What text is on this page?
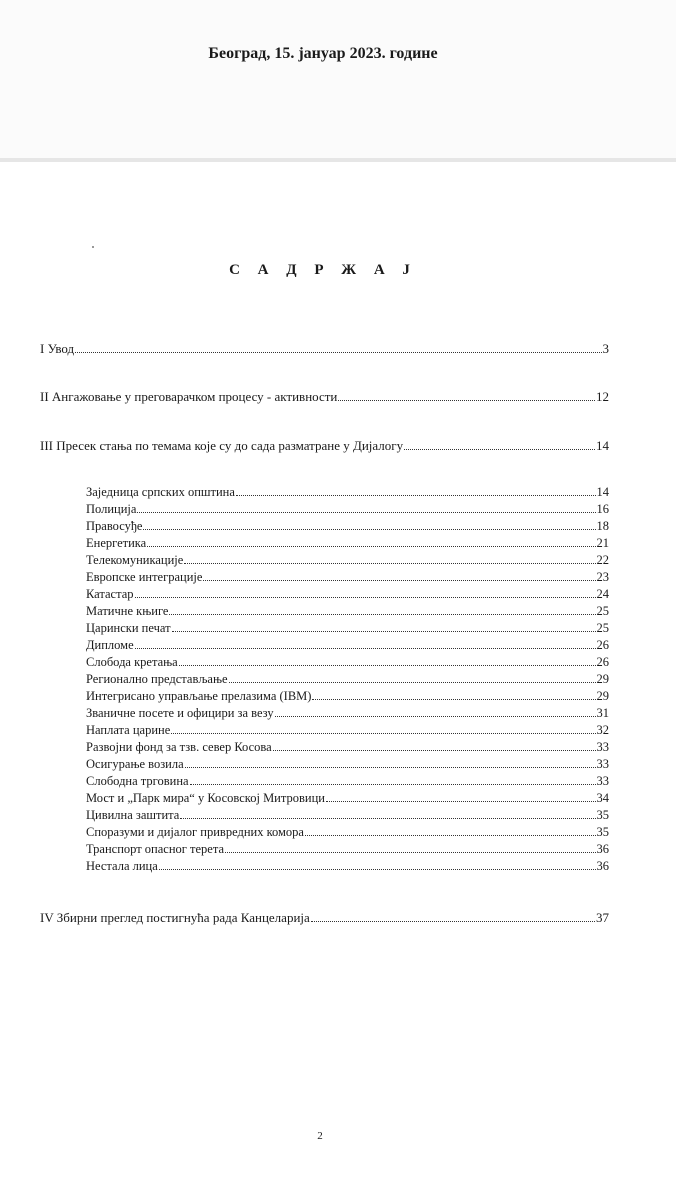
Београд, 15. јануар 2023. године
С А Д Р Ж А Ј
I Увод	3
II Ангажовање у преговарачком процесу - активности	12
III Пресек стања по темама које су до сада разматране у Дијалогу	14
Заједница српских општина	14
Полиција	16
Правосуђе	18
Енергетика	21
Телекомуникације	22
Европске интеграције	23
Катастар	24
Матичне књиге	25
Царински печат	25
Дипломе	26
Слобода кретања	26
Регионално представљање	29
Интегрисано управљање прелазима (IBM)	29
Званичне посете и официри за везу	31
Наплата царине	32
Развојни фонд за тзв. север Косова	33
Осигурање возила	33
Слободна трговина	33
Мост и „Парк мира“ у Косовској Митровици	34
Цивилна заштита	35
Споразуми и дијалог привредних комора	35
Транспорт опасног терета	36
Нестала лица	36
IV Збирни преглед постигнућа рада Канцеларија	37
2
